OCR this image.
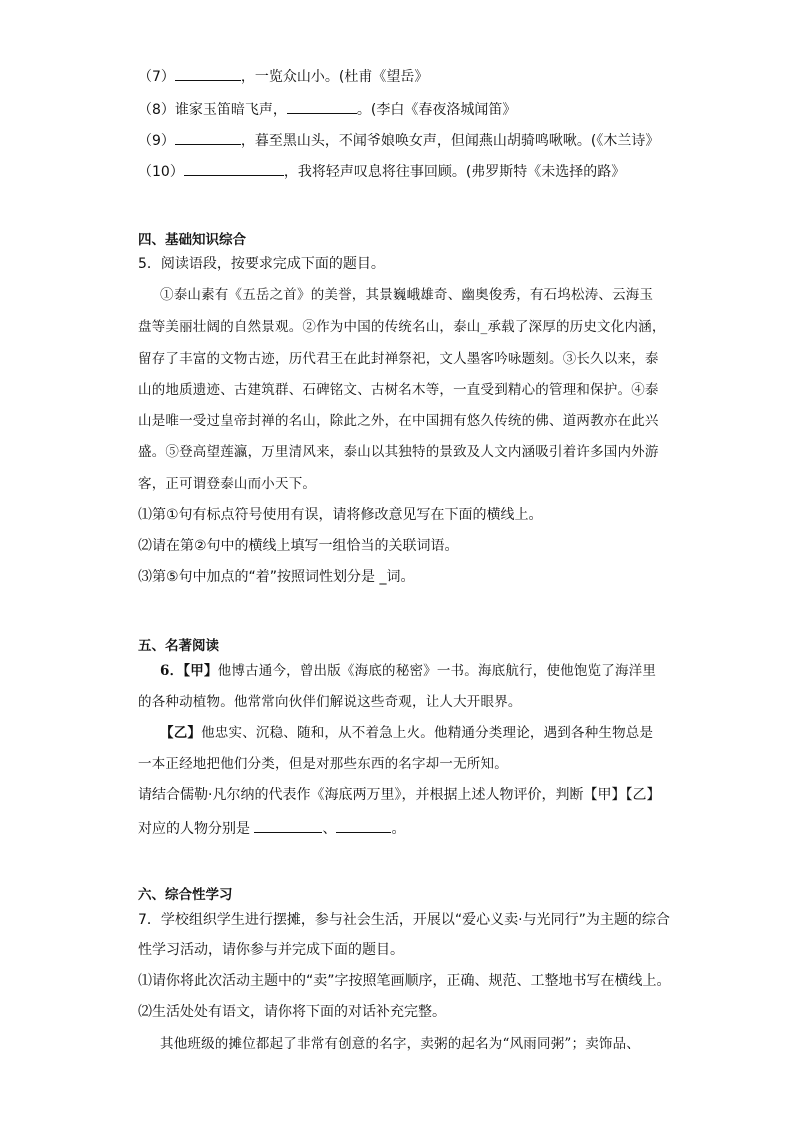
（7）	，一览众山小。(杜甫《望岳》
（8）谁家玉笛暗飞声，	。(李白《春夜洛城闻笛》
（9）	，暮至黑山头，不闻爷娘唤女声，但闻燕山胡骑鸣啾啾。(《木兰诗》
（10）	，我将轻声叹息将往事回顾。(弗罗斯特《未选择的路》
四、基础知识综合
5．阅读语段，按要求完成下面的题目。
①泰山素有《五岳之首》的美誉，其景巍峨雄奇、幽奥俊秀，有石坞松涛、云海玉
盘等美丽壮阔的自然景观。②作为中国的传统名山，泰山_承载了深厚的历史文化内涵，
留存了丰富的文物古迹，历代君王在此封禅祭祀，文人墨客吟咏题刻。③长久以来，泰
山的地质遗迹、古建筑群、石碑铭文、古树名木等，一直受到精心的管理和保护。④泰
山是唯一受过皇帝封禅的名山，除此之外，在中国拥有悠久传统的佛、道两教亦在此兴
盛。⑤登高望莲瀛，万里清风来，泰山以其独特的景致及人文内涵吸引着许多国内外游
客，正可谓登泰山而小天下。
⑴第①句有标点符号使用有误，请将修改意见写在下面的横线上。
⑵请在第②句中的横线上填写一组恰当的关联词语。
⑶第⑤句中加点的“着”按照词性划分是 _词。
五、名著阅读
6．【甲】他博古通今，曾出版《海底的秘密》一书。海底航行，使他饱览了海洋里
的各种动植物。他常常向伙伴们解说这些奇观，让人大开眼界。
【乙】他忠实、沉稳、随和，从不着急上火。他精通分类理论，遇到各种生物总是
一本正经地把他们分类，但是对那些东西的名字却一无所知。
请结合儒勒·凡尔纳的代表作《海底两万里》，并根据上述人物评价，判断【甲】【乙】
对应的人物分别是	、	。
六、综合性学习
7．学校组织学生进行摆摊，参与社会生活，开展以“爱心义卖·与光同行”为主题的综合
性学习活动，请你参与并完成下面的题目。
⑴请你将此次活动主题中的“卖”字按照笔画顺序，正确、规范、工整地书写在横线上。
⑵生活处处有语文，请你将下面的对话补充完整。
其他班级的摊位都起了非常有创意的名字，卖粥的起名为“风雨同粥”；卖饰品、
